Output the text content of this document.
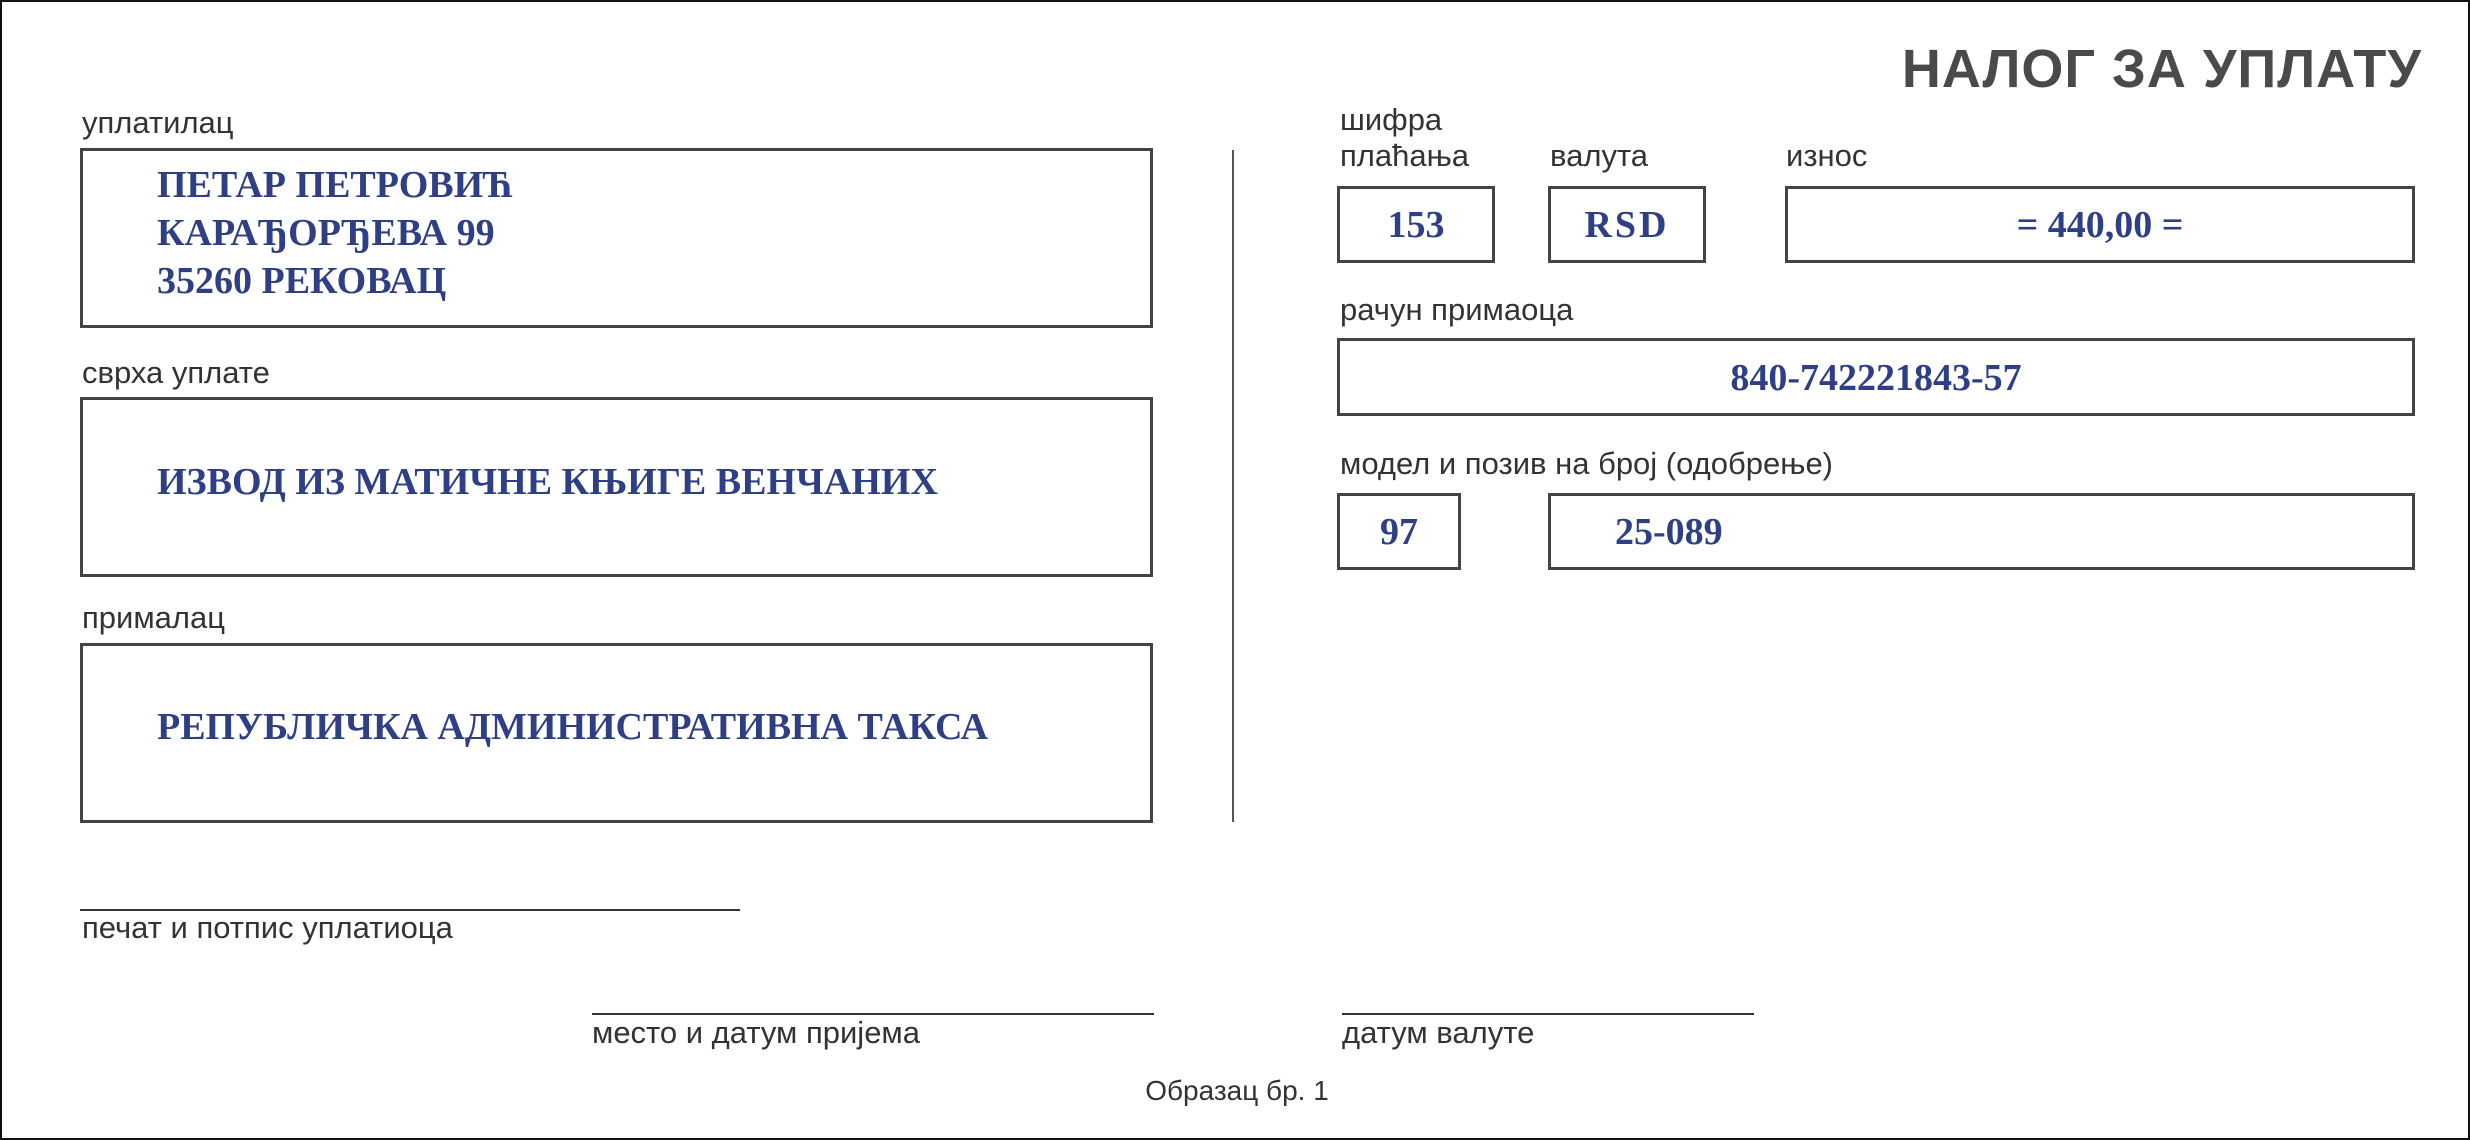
НАЛОГ ЗА УПЛАТУ
уплатилац
ПЕТАР ПЕТРОВИЋ
КАРАЂОРЂЕВА 99
35260 РЕКОВАЦ
сврха уплате
ИЗВОД ИЗ МАТИЧНЕ КЊИГЕ ВЕНЧАНИХ
прималац
РЕПУБЛИЧКА АДМИНИСТРАТИВНА ТАКСА
печат и потпис уплатиоца
шифра
плаћања	валута	износ
153	RSD	= 440,00 =
рачун примаоца
840-742221843-57
модел и позив на број (одобрење)
97	25-089
место и датум пријема	датум валуте
Образац бр. 1
